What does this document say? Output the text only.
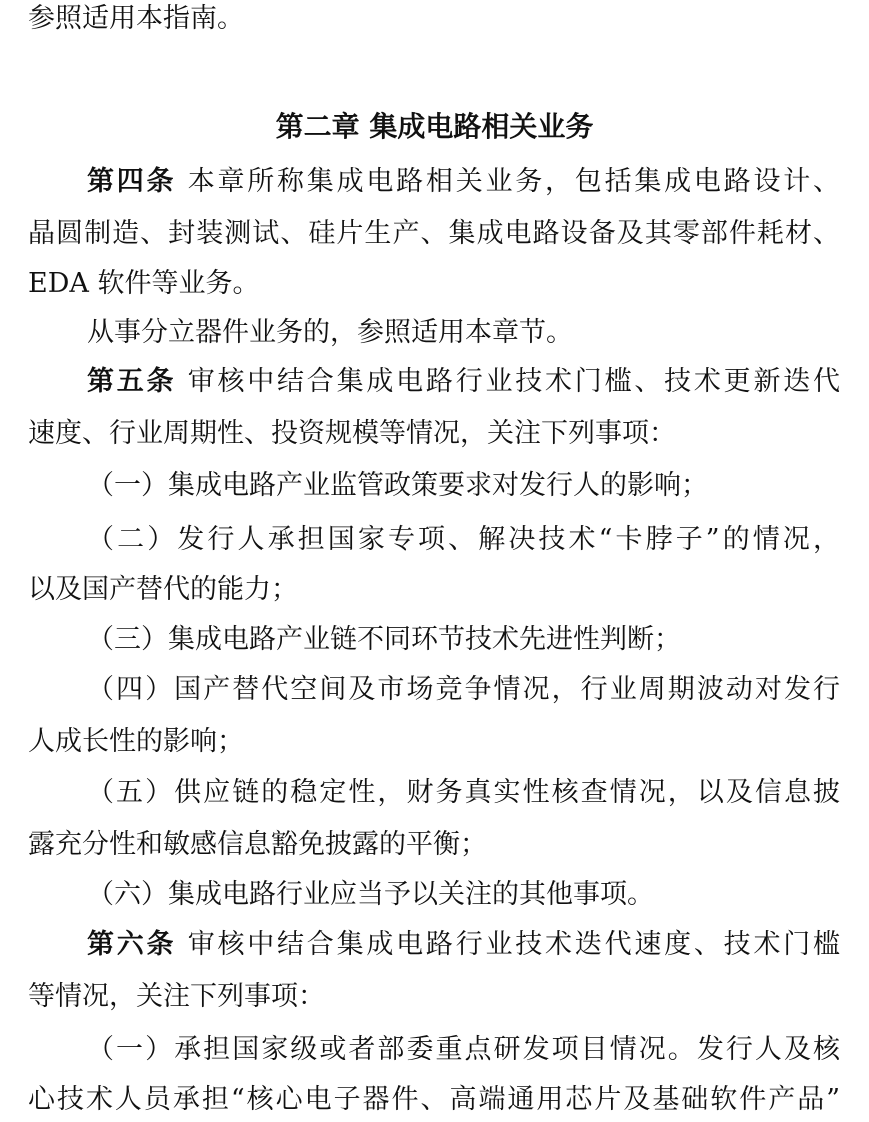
参照适用本指南。
第二章 集成电路相关业务
第四条 本章所称集成电路相关业务，包括集成电路设计、
晶圆制造、封装测试、硅片生产、集成电路设备及其零部件耗材、
EDA 软件等业务。
从事分立器件业务的，参照适用本章节。
第五条 审核中结合集成电路行业技术门槛、技术更新迭代
速度、行业周期性、投资规模等情况，关注下列事项：
（一）集成电路产业监管政策要求对发行人的影响；
（二）发行人承担国家专项、解决技术“卡脖子”的情况，
以及国产替代的能力；
（三）集成电路产业链不同环节技术先进性判断；
（四）国产替代空间及市场竞争情况，行业周期波动对发行
人成长性的影响；
（五）供应链的稳定性，财务真实性核查情况，以及信息披
露充分性和敏感信息豁免披露的平衡；
（六）集成电路行业应当予以关注的其他事项。
第六条 审核中结合集成电路行业技术迭代速度、技术门槛
等情况，关注下列事项：
（一）承担国家级或者部委重点研发项目情况。发行人及核
心技术人员承担“核心电子器件、高端通用芯片及基础软件产品”
